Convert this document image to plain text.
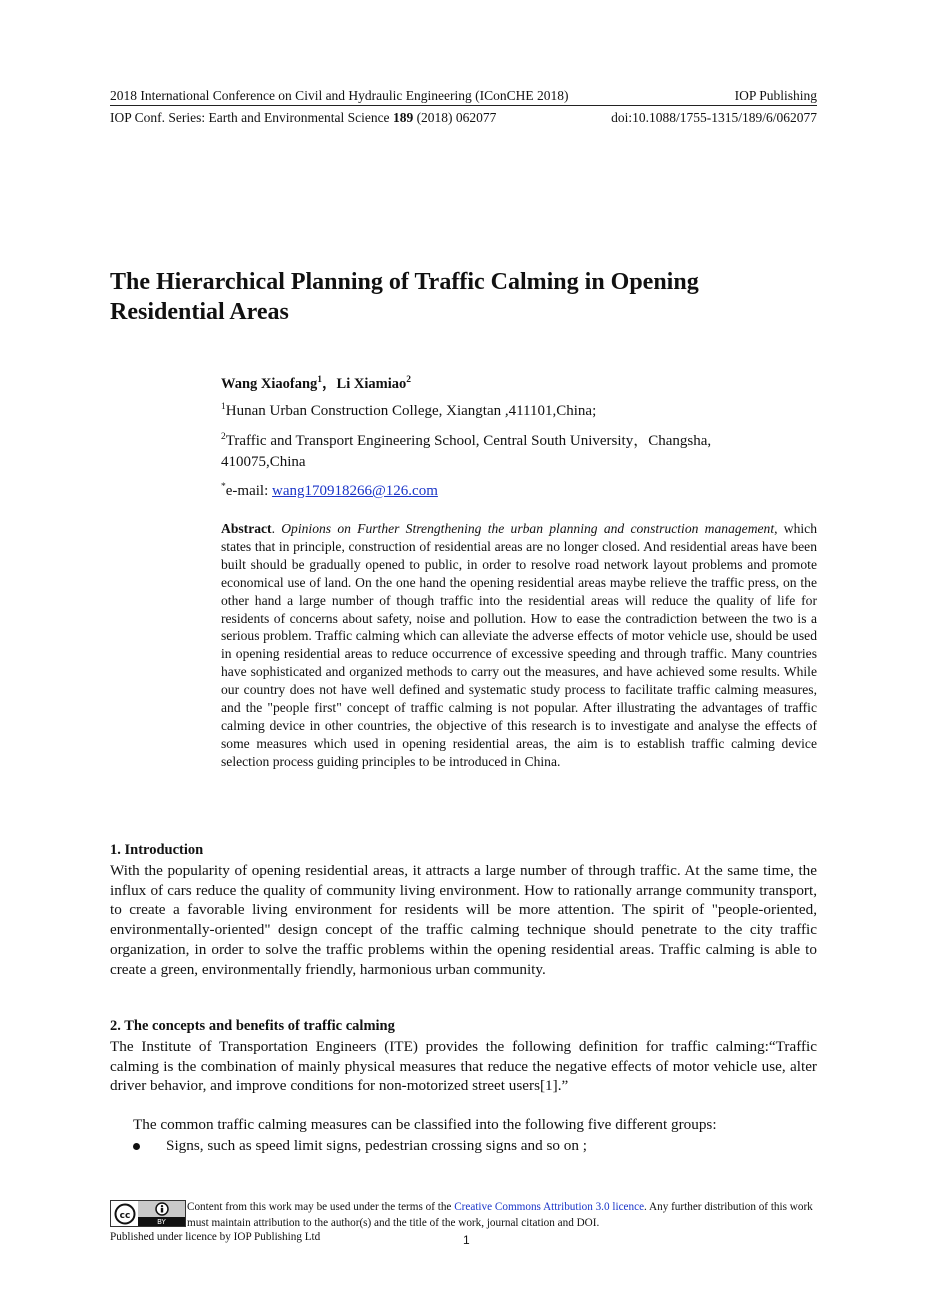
2018 International Conference on Civil and Hydraulic Engineering (IConCHE 2018)	IOP Publishing
IOP Conf. Series: Earth and Environmental Science 189 (2018) 062077	doi:10.1088/1755-1315/189/6/062077
The Hierarchical Planning of Traffic Calming in Opening Residential Areas
Wang Xiaofang$^1$，Li Xiamiao$^2$
$^1$Hunan Urban Construction College, Xiangtan ,411101,China;
$^2$Traffic and Transport Engineering School, Central South University，Changsha,
410075,China
*e-mail: wang170918266@126.com

Abstract. Opinions on Further Strengthening the urban planning and construction management, which states that in principle, construction of residential areas are no longer closed. And residential areas have been built should be gradually opened to public, in order to resolve road network layout problems and promote economical use of land. On the one hand the opening residential areas maybe relieve the traffic press, on the other hand a large number of though traffic into the residential areas will reduce the quality of life for residents of concerns about safety, noise and pollution. How to ease the contradiction between the two is a serious problem. Traffic calming which can alleviate the adverse effects of motor vehicle use, should be used in opening residential areas to reduce occurrence of excessive speeding and through traffic. Many countries have sophisticated and organized methods to carry out the measures, and have achieved some results. While our country does not have well defined and systematic study process to facilitate traffic calming measures, and the "people first" concept of traffic calming is not popular. After illustrating the advantages of traffic calming device in other countries, the objective of this research is to investigate and analyse the effects of some measures which used in opening residential areas, the aim is to establish traffic calming device selection process guiding principles to be introduced in China.

1. Introduction

With the popularity of opening residential areas, it attracts a large number of through traffic. At the same time, the influx of cars reduce the quality of community living environment. How to rationally arrange community transport, to create a favorable living environment for residents will be more attention. The spirit of "people-oriented, environmentally-oriented" design concept of the traffic calming technique should penetrate to the city traffic organization, in order to solve the traffic problems within the opening residential areas. Traffic calming is able to create a green, environmentally friendly, harmonious urban community.

2. The concepts and benefits of traffic calming

The Institute of Transportation Engineers (ITE) provides the following definition for traffic calming:“Traffic calming is the combination of mainly physical measures that reduce the negative effects of motor vehicle use, alter driver behavior, and improve conditions for non-motorized street users[1].”

The common traffic calming measures can be classified into the following five different groups:

Signs, such as speed limit signs, pedestrian crossing signs and so on ;
cc
BY

Content from this work may be used under the terms of the Creative Commons Attribution 3.0 licence. Any further distribution of this work must maintain attribution to the author(s) and the title of the work, journal citation and DOI.

Published under licence by IOP Publishing Ltd	1
